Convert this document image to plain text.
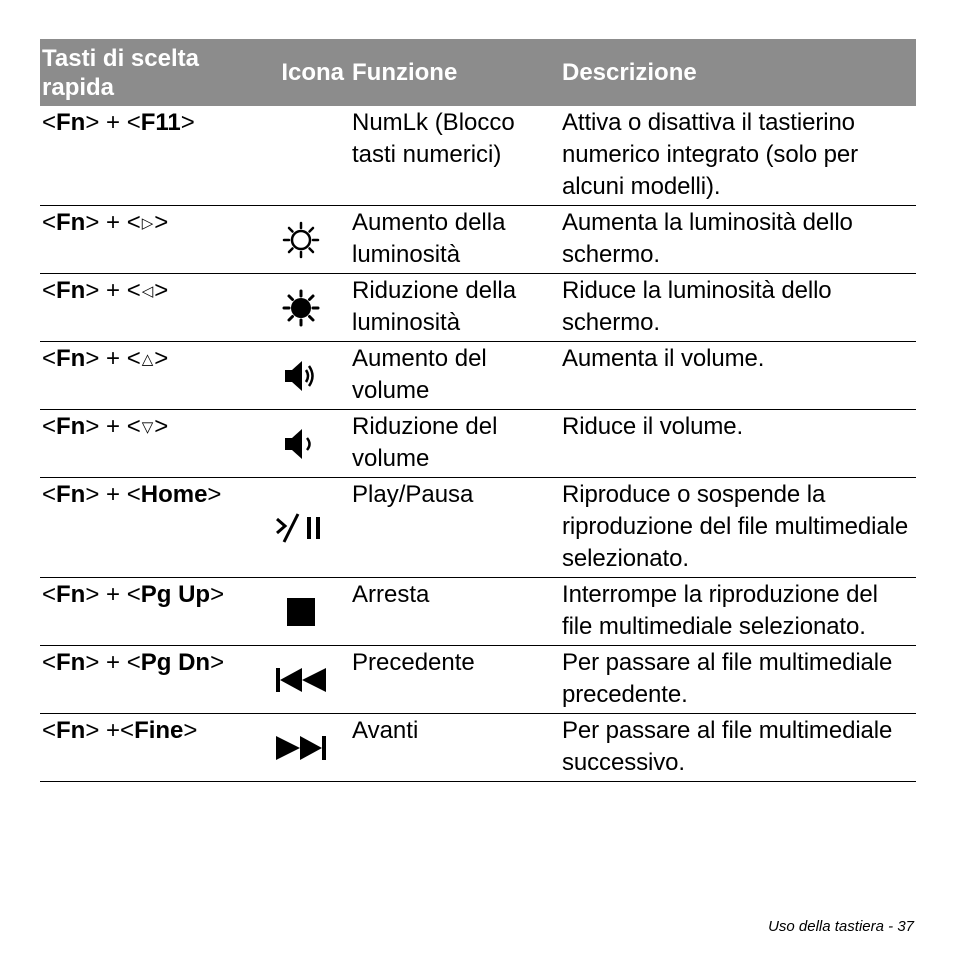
Tasti di scelta rapida	Icona	Funzione	Descrizione
<Fn> + <F11>		NumLk (Blocco tasti numerici)	Attiva o disattiva il tastierino numerico integrato (solo per alcuni modelli).
<Fn> + <▷>		Aumento della luminosità	Aumenta la luminosità dello schermo.
<Fn> + <◁>		Riduzione della luminosità	Riduce la luminosità dello schermo.
<Fn> + <△>		Aumento del volume	Aumenta il volume.
<Fn> + <▽>		Riduzione del volume	Riduce il volume.
<Fn> + <Home>		Play/Pausa	Riproduce o sospende la riproduzione del file multimediale selezionato.
<Fn> + <Pg Up>		Arresta	Interrompe la riproduzione del file multimediale selezionato.
<Fn> + <Pg Dn>		Precedente	Per passare al file multimediale precedente.
<Fn> +<Fine>		Avanti	Per passare al file multimediale successivo.
Uso della tastiera - 37
